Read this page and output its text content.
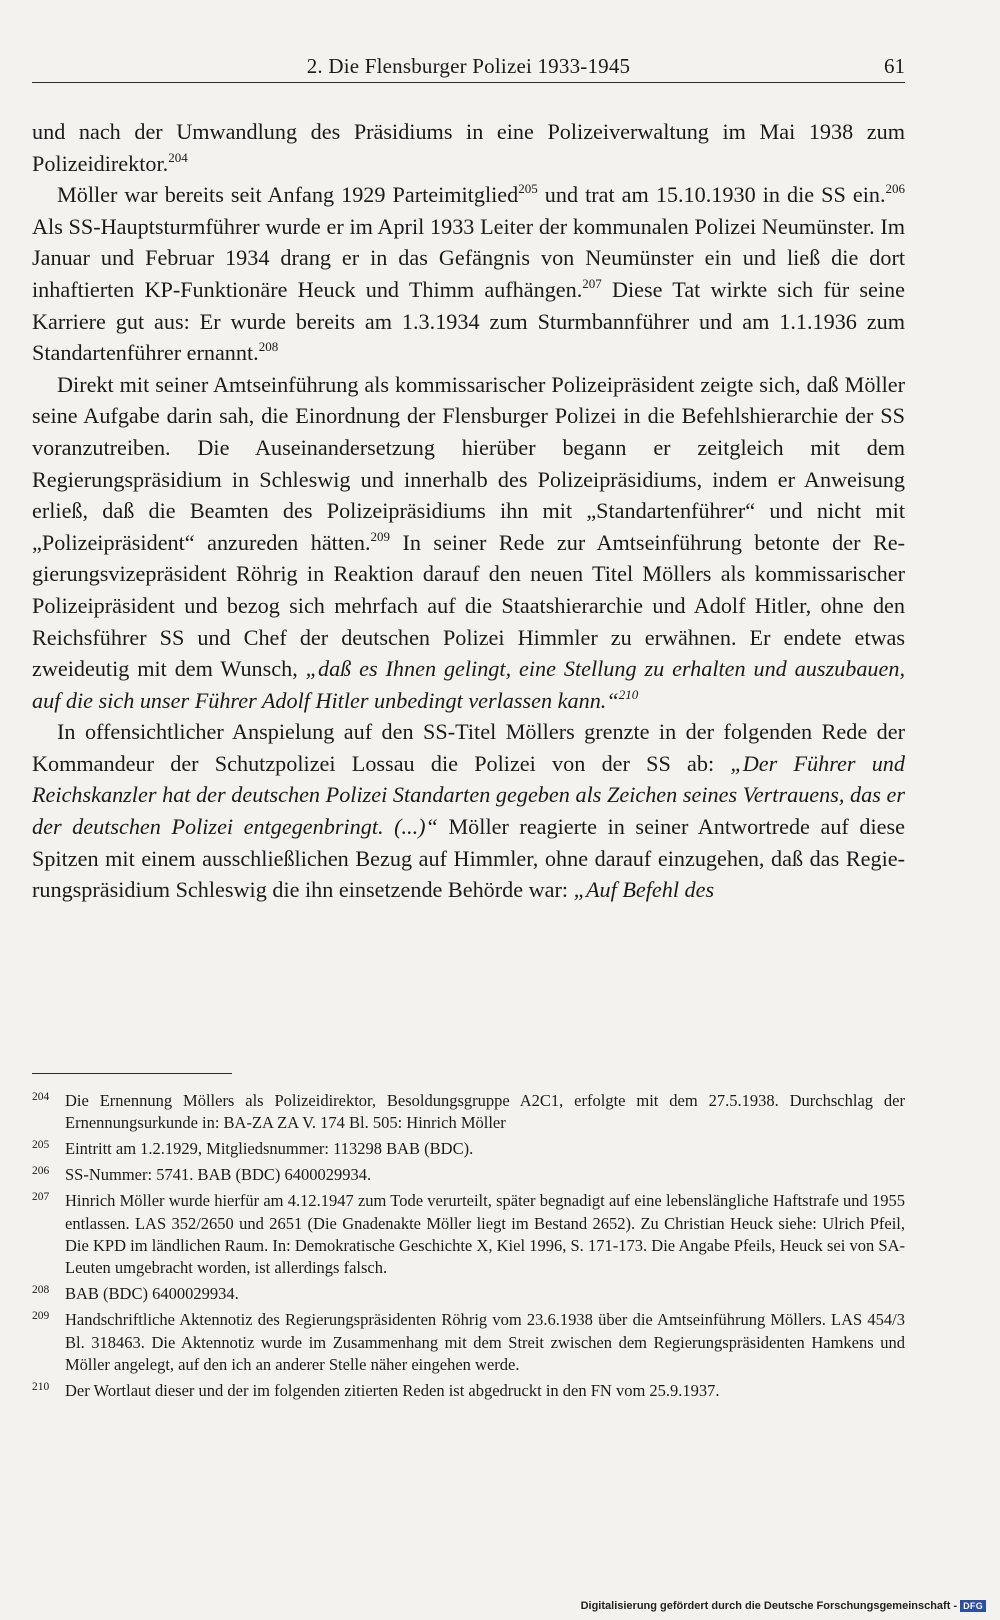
2. Die Flensburger Polizei 1933-1945	61

und nach der Umwandlung des Präsidiums in eine Polizeiverwaltung im Mai 1938 zum Polizeidirektor.$^{204}$

Möller war bereits seit Anfang 1929 Parteimitglied$^{205}$ und trat am 15.10.1930 in die SS ein.$^{206}$ Als SS-Hauptsturmführer wurde er im April 1933 Leiter der kommunalen Polizei Neumünster. Im Januar und Februar 1934 drang er in das Gefängnis von Neumünster ein und ließ die dort inhaftierten KP-Funktionäre Heuck und Thimm aufhängen.$^{207}$ Diese Tat wirkte sich für seine Karriere gut aus: Er wurde bereits am 1.3.1934 zum Sturmbannführer und am 1.1.1936 zum Standartenführer ernannt.$^{208}$

Direkt mit seiner Amtseinführung als kommissarischer Polizeipräsident zeigte sich, daß Möller seine Aufgabe darin sah, die Einordnung der Flensburger Polizei in die Befehlshierarchie der SS voranzutreiben. Die Auseinandersetzung hierüber begann er zeitgleich mit dem Regierungspräsidium in Schleswig und innerhalb des Polizeipräsidiums, indem er Anweisung erließ, daß die Beamten des Polizeipräsidiums ihn mit „Standartenführer“ und nicht mit „Polizeipräsident“ anzureden hätten.$^{209}$ In seiner Rede zur Amtseinführung betonte der Regierungsvizepräsident Röhrig in Reaktion darauf den neuen Titel Möllers als kommissarischer Polizeipräsident und bezog sich mehrfach auf die Staatshierarchie und Adolf Hitler, ohne den Reichsführer SS und Chef der deutschen Polizei Himmler zu erwähnen. Er endete etwas zweideutig mit dem Wunsch, „daß es Ihnen gelingt, eine Stellung zu erhalten und auszubauen, auf die sich unser Führer Adolf Hitler unbedingt verlassen kann.“$^{210}$

In offensichtlicher Anspielung auf den SS-Titel Möllers grenzte in der folgenden Rede der Kommandeur der Schutzpolizei Lossau die Polizei von der SS ab: „Der Führer und Reichskanzler hat der deutschen Polizei Standarten gegeben als Zeichen seines Vertrauens, das er der deutschen Polizei entgegenbringt. (...)“ Möller reagierte in seiner Antwortrede auf diese Spitzen mit einem ausschließlichen Bezug auf Himmler, ohne darauf einzugehen, daß das Regierungspräsidium Schleswig die ihn einsetzende Behörde war: „Auf Befehl des

204 Die Ernennung Möllers als Polizeidirektor, Besoldungsgruppe A2C1, erfolgte mit dem 27.5.1938. Durchschlag der Ernennungsurkunde in: BA-ZA ZA V. 174 Bl. 505: Hinrich Möller
205 Eintritt am 1.2.1929, Mitgliedsnummer: 113298 BAB (BDC).
206 SS-Nummer: 5741. BAB (BDC) 6400029934.
207 Hinrich Möller wurde hierfür am 4.12.1947 zum Tode verurteilt, später begnadigt auf eine lebenslängliche Haftstrafe und 1955 entlassen. LAS 352/2650 und 2651 (Die Gnadenakte Möller liegt im Bestand 2652). Zu Christian Heuck siehe: Ulrich Pfeil, Die KPD im ländlichen Raum. In: Demokratische Geschichte X, Kiel 1996, S. 171-173. Die Angabe Pfeils, Heuck sei von SA-Leuten umgebracht worden, ist allerdings falsch.
208 BAB (BDC) 6400029934.
209 Handschriftliche Aktennotiz des Regierungspräsidenten Röhrig vom 23.6.1938 über die Amtseinführung Möllers. LAS 454/3 Bl. 318463. Die Aktennotiz wurde im Zusammenhang mit dem Streit zwischen dem Regierungspräsidenten Hamkens und Möller angelegt, auf den ich an anderer Stelle näher eingehen werde.
210 Der Wortlaut dieser und der im folgenden zitierten Reden ist abgedruckt in den FN vom 25.9.1937.
Digitalisierung gefördert durch die Deutsche Forschungsgemeinschaft - DFG
